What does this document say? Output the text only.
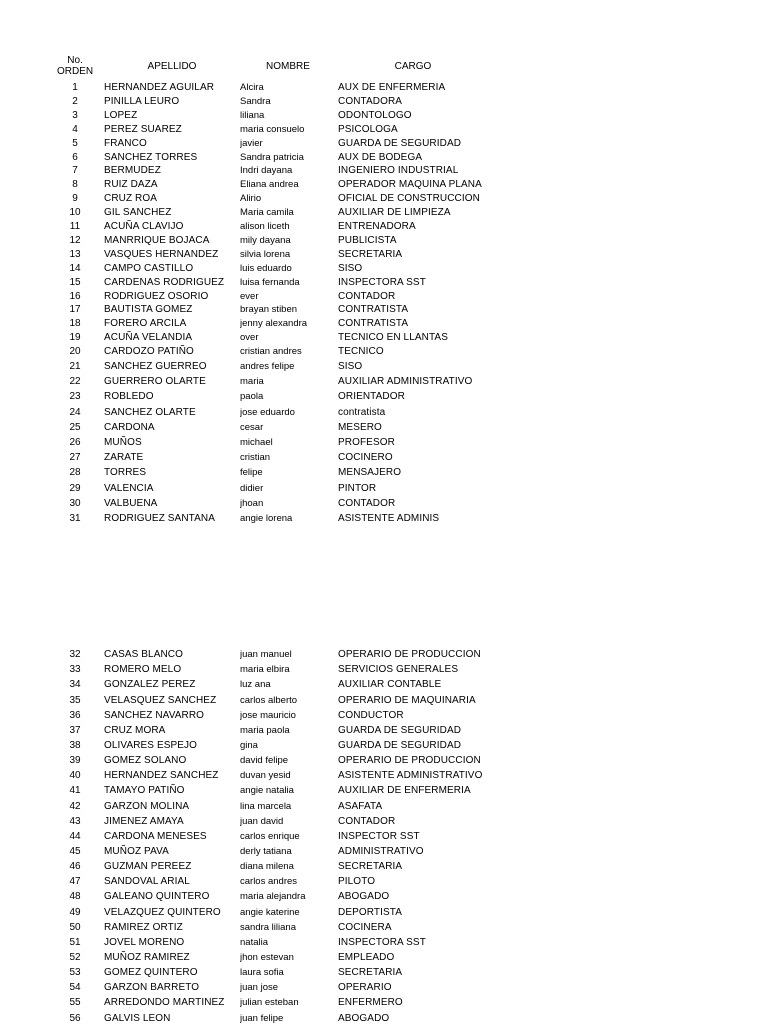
No.
ORDEN	APELLIDO	NOMBRE	CARGO
1	HERNANDEZ AGUILAR	Alcira	AUX DE ENFERMERIA
2	PINILLA LEURO	Sandra	CONTADORA
3	LOPEZ	liliana	ODONTOLOGO
4	PEREZ SUAREZ	maria consuelo	PSICOLOGA
5	FRANCO	javier	GUARDA DE SEGURIDAD
6	SANCHEZ TORRES	Sandra patricia	AUX DE BODEGA
7	BERMUDEZ	Indri dayana	INGENIERO INDUSTRIAL
8	RUIZ DAZA	Eliana andrea	OPERADOR MAQUINA PLANA
9	CRUZ ROA	Alirio	OFICIAL DE CONSTRUCCION
10	GIL SANCHEZ	Maria camila	AUXILIAR DE LIMPIEZA
11	ACUÑA CLAVIJO	alison liceth	ENTRENADORA
12	MANRRIQUE BOJACA	mily dayana	PUBLICISTA
13	VASQUES HERNANDEZ	silvia lorena	SECRETARIA
14	CAMPO CASTILLO	luis eduardo	SISO
15	CARDENAS RODRIGUEZ	luisa fernanda	INSPECTORA SST
16	RODRIGUEZ OSORIO	ever	CONTADOR
17	BAUTISTA GOMEZ	brayan stiben	CONTRATISTA
18	FORERO ARCILA	jenny alexandra	CONTRATISTA
19	ACUÑA VELANDIA	over	TECNICO EN LLANTAS
20	CARDOZO PATIÑO	cristian andres	TECNICO
21	SANCHEZ GUERREO	andres felipe	SISO
22	GUERRERO OLARTE	maria	AUXILIAR ADMINISTRATIVO
23	ROBLEDO	paola	ORIENTADOR
24	SANCHEZ OLARTE	jose eduardo	contratista
25	CARDONA	cesar	MESERO
26	MUÑOS	michael	PROFESOR
27	ZARATE	cristian	COCINERO
28	TORRES	felipe	MENSAJERO
29	VALENCIA	didier	PINTOR
30	VALBUENA	jhoan	CONTADOR
31	RODRIGUEZ SANTANA	angie lorena	ASISTENTE ADMINIS
32	CASAS BLANCO	juan manuel	OPERARIO DE PRODUCCION
33	ROMERO MELO	maria elbira	SERVICIOS GENERALES
34	GONZALEZ PEREZ	luz ana	AUXILIAR CONTABLE
35	VELASQUEZ SANCHEZ	carlos alberto	OPERARIO DE MAQUINARIA
36	SANCHEZ NAVARRO	jose mauricio	CONDUCTOR
37	CRUZ MORA	maria paola	GUARDA DE SEGURIDAD
38	OLIVARES ESPEJO	gina	GUARDA DE SEGURIDAD
39	GOMEZ SOLANO	david felipe	OPERARIO DE PRODUCCION
40	HERNANDEZ SANCHEZ	duvan yesid	ASISTENTE ADMINISTRATIVO
41	TAMAYO PATIÑO	angie natalia	AUXILIAR DE ENFERMERIA
42	GARZON MOLINA	lina marcela	ASAFATA
43	JIMENEZ AMAYA	juan david	CONTADOR
44	CARDONA MENESES	carlos enrique	INSPECTOR SST
45	MUÑOZ PAVA	derly tatiana	ADMINISTRATIVO
46	GUZMAN PEREEZ	diana milena	SECRETARIA
47	SANDOVAL ARIAL	carlos andres	PILOTO
48	GALEANO QUINTERO	maria alejandra	ABOGADO
49	VELAZQUEZ QUINTERO	angie katerine	DEPORTISTA
50	RAMIREZ ORTIZ	sandra liliana	COCINERA
51	JOVEL MORENO	natalia	INSPECTORA SST
52	MUÑOZ RAMIREZ	jhon estevan	EMPLEADO
53	GOMEZ QUINTERO	laura sofia	SECRETARIA
54	GARZON BARRETO	juan jose	OPERARIO
55	ARREDONDO MARTINEZ	julian esteban	ENFERMERO
56	GALVIS LEON	juan felipe	ABOGADO
